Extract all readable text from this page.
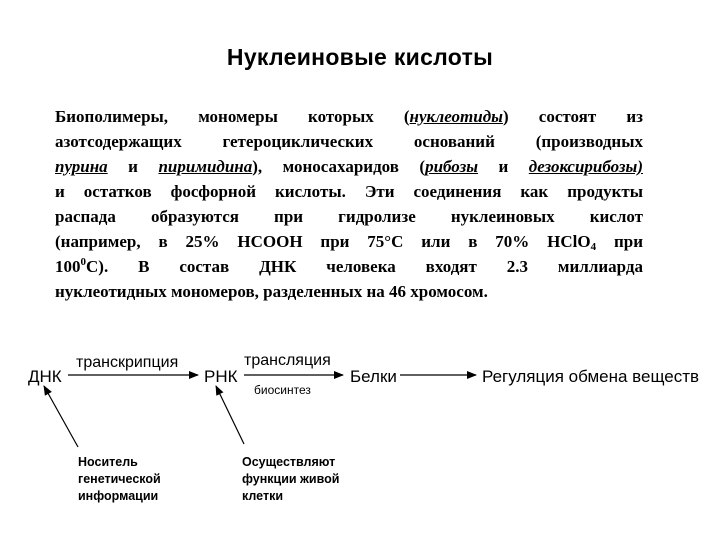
Нуклеиновые кислоты
Биополимеры, мономеры которых (нуклеотиды) состоят из
азотсодержащих гетероциклических оснований (производных
пурина и пиримидина), моносахаридов (рибозы и дезоксирибозы)
и остатков фосфорной кислоты. Эти соединения как продукты
распада образуются при гидролизе нуклеиновых кислот
(например, в 25% HCOOH при 75°С или в 70% HClO$_4$ при
$100^0С$). В состав ДНК человека входят 2.3 миллиарда
нуклеотидных мономеров, разделенных на 46 хромосом.
ДНК
транскрипция
РНК
трансляция
биосинтез
Белки	Регуляция обмена веществ
Носитель
генетической
информации
Осуществляют
функции живой
клетки
